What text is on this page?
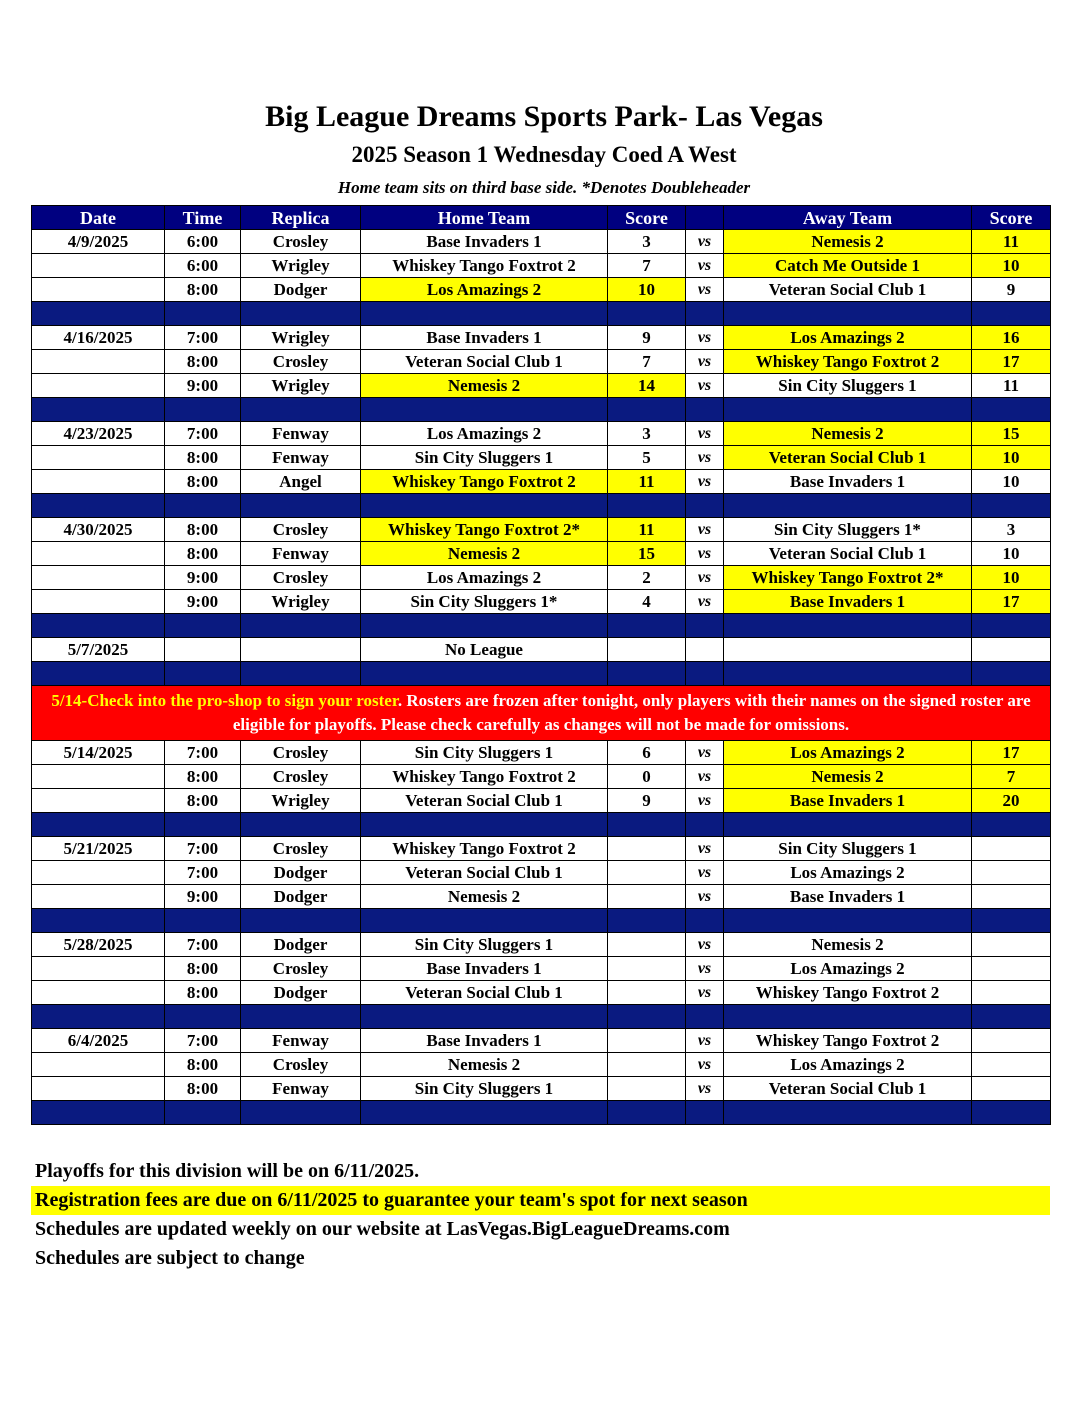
Big League Dreams Sports Park- Las Vegas
2025 Season 1 Wednesday Coed A West
Home team sits on third base side. *Denotes Doubleheader
Date	Time	Replica	Home Team	Score		Away Team	Score
4/9/2025	6:00	Crosley	Base Invaders 1	3	vs	Nemesis 2	11
	6:00	Wrigley	Whiskey Tango Foxtrot 2	7	vs	Catch Me Outside 1	10
	8:00	Dodger	Los Amazings 2	10	vs	Veteran Social Club 1	9

4/16/2025	7:00	Wrigley	Base Invaders 1	9	vs	Los Amazings 2	16
	8:00	Crosley	Veteran Social Club 1	7	vs	Whiskey Tango Foxtrot 2	17
	9:00	Wrigley	Nemesis 2	14	vs	Sin City Sluggers 1	11

4/23/2025	7:00	Fenway	Los Amazings 2	3	vs	Nemesis 2	15
	8:00	Fenway	Sin City Sluggers 1	5	vs	Veteran Social Club 1	10
	8:00	Angel	Whiskey Tango Foxtrot 2	11	vs	Base Invaders 1	10

4/30/2025	8:00	Crosley	Whiskey Tango Foxtrot 2*	11	vs	Sin City Sluggers 1*	3
	8:00	Fenway	Nemesis 2	15	vs	Veteran Social Club 1	10
	9:00	Crosley	Los Amazings 2	2	vs	Whiskey Tango Foxtrot 2*	10
	9:00	Wrigley	Sin City Sluggers 1*	4	vs	Base Invaders 1	17

5/7/2025			No League				

5/14-Check into the pro-shop to sign your roster. Rosters are frozen after tonight, only players with their names on the signed roster are eligible for playoffs. Please check carefully as changes will not be made for omissions.							
5/14/2025	7:00	Crosley	Sin City Sluggers 1	6	vs	Los Amazings 2	17
	8:00	Crosley	Whiskey Tango Foxtrot 2	0	vs	Nemesis 2	7
	8:00	Wrigley	Veteran Social Club 1	9	vs	Base Invaders 1	20

5/21/2025	7:00	Crosley	Whiskey Tango Foxtrot 2		vs	Sin City Sluggers 1	
	7:00	Dodger	Veteran Social Club 1		vs	Los Amazings 2	
	9:00	Dodger	Nemesis 2		vs	Base Invaders 1	

5/28/2025	7:00	Dodger	Sin City Sluggers 1		vs	Nemesis 2	
	8:00	Crosley	Base Invaders 1		vs	Los Amazings 2	
	8:00	Dodger	Veteran Social Club 1		vs	Whiskey Tango Foxtrot 2	

6/4/2025	7:00	Fenway	Base Invaders 1		vs	Whiskey Tango Foxtrot 2	
	8:00	Crosley	Nemesis 2		vs	Los Amazings 2	
	8:00	Fenway	Sin City Sluggers 1		vs	Veteran Social Club 1	

Playoffs for this division will be on 6/11/2025.
Registration fees are due on 6/11/2025 to guarantee your team's spot for next season
Schedules are updated weekly on our website at LasVegas.BigLeagueDreams.com
Schedules are subject to change
